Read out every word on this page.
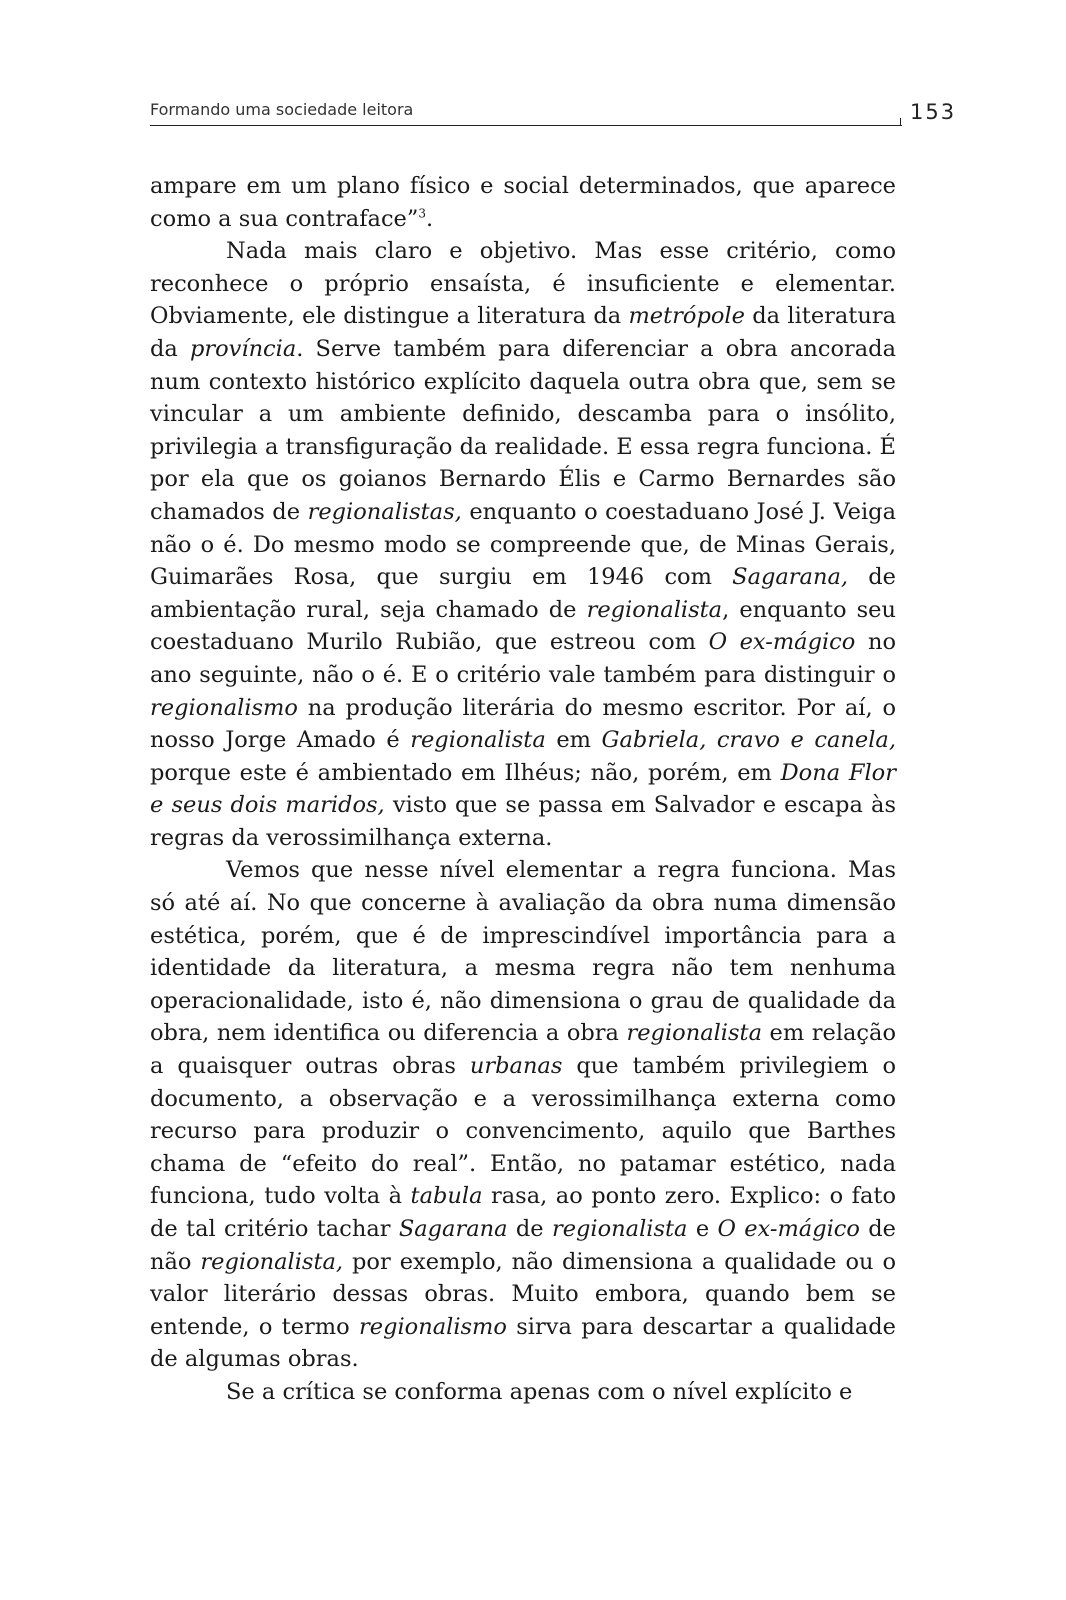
Formando uma sociedade leitora	153

ampare em um plano físico e social determinados, que aparece como a sua contraface”$^3$.

Nada mais claro e objetivo. Mas esse critério, como reconhece o próprio ensaísta, é insuficiente e elementar. Obviamente, ele distingue a literatura da metrópole da literatura da província. Serve também para diferenciar a obra ancorada num contexto histórico explícito daquela outra obra que, sem se vincular a um ambiente definido, descamba para o insólito, privilegia a transfiguração da realidade. E essa regra funciona. É por ela que os goianos Bernardo Élis e Carmo Bernardes são chamados de regionalistas, enquanto o coestaduano José J. Veiga não o é. Do mesmo modo se compreende que, de Minas Gerais, Guimarães Rosa, que surgiu em 1946 com Sagarana, de ambientação rural, seja chamado de regionalista, enquanto seu coestaduano Murilo Rubião, que estreou com O ex-mágico no ano seguinte, não o é. E o critério vale também para distinguir o regionalismo na produção literária do mesmo escritor. Por aí, o nosso Jorge Amado é regionalista em Gabriela, cravo e canela, porque este é ambientado em Ilhéus; não, porém, em Dona Flor e seus dois maridos, visto que se passa em Salvador e escapa às regras da verossimilhança externa.

Vemos que nesse nível elementar a regra funciona. Mas só até aí. No que concerne à avaliação da obra numa dimensão estética, porém, que é de imprescindível importância para a identidade da literatura, a mesma regra não tem nenhuma operacionalidade, isto é, não dimensiona o grau de qualidade da obra, nem identifica ou diferencia a obra regionalista em relação a quaisquer outras obras urbanas que também privilegiem o documento, a observação e a verossimilhança externa como recurso para produzir o convencimento, aquilo que Barthes chama de “efeito do real”. Então, no patamar estético, nada funciona, tudo volta à tabula rasa, ao ponto zero. Explico: o fato de tal critério tachar Sagarana de regionalista e O ex-mágico de não regionalista, por exemplo, não dimensiona a qualidade ou o valor literário dessas obras. Muito embora, quando bem se entende, o termo regionalismo sirva para descartar a qualidade de algumas obras.

Se a crítica se conforma apenas com o nível explícito e
